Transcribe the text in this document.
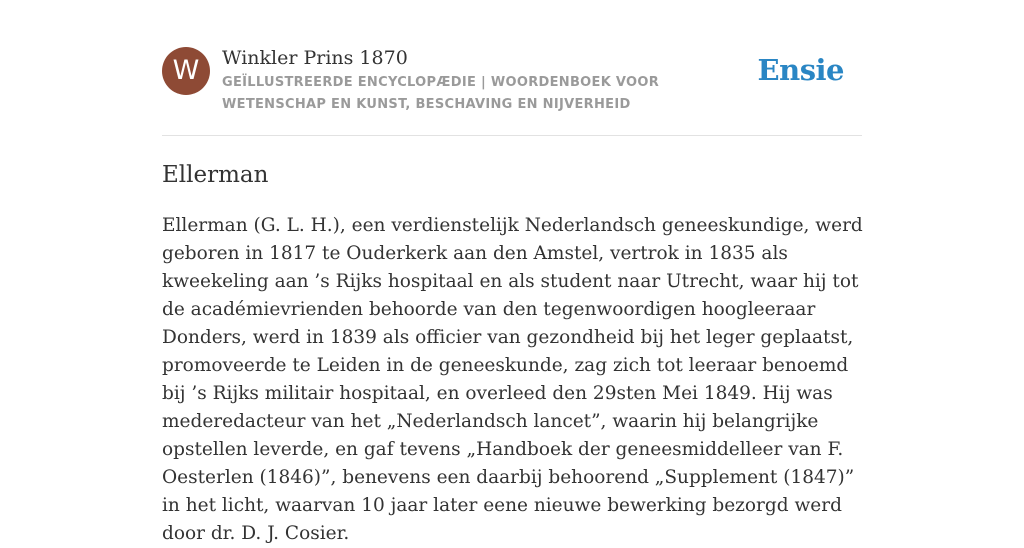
W	Winkler Prins 1870
GEÏLLUSTREERDE ENCYCLOPÆDIE | WOORDENBOEK VOOR WETENSCHAP EN KUNST, BESCHAVING EN NIJVERHEID
Ensie
Ellerman

Ellerman (G. L. H.), een verdienstelijk Nederlandsch geneeskundige, werd geboren in 1817 te Ouderkerk aan den Amstel, vertrok in 1835 als kweekeling aan ’s Rijks hospitaal en als student naar Utrecht, waar hij tot de académievrienden behoorde van den tegenwoordigen hoogleeraar Donders, werd in 1839 als officier van gezondheid bij het leger geplaatst, promoveerde te Leiden in de geneeskunde, zag zich tot leeraar benoemd bij ’s Rijks militair hospitaal, en overleed den 29sten Mei 1849. Hij was mederedacteur van het „Nederlandsch lancet”, waarin hij belangrijke opstellen leverde, en gaf tevens „Handboek der geneesmiddelleer van F. Oesterlen (1846)”, benevens een daarbij behoorend „Supplement (1847)” in het licht, waarvan 10 jaar later eene nieuwe bewerking bezorgd werd door dr. D. J. Cosier.
